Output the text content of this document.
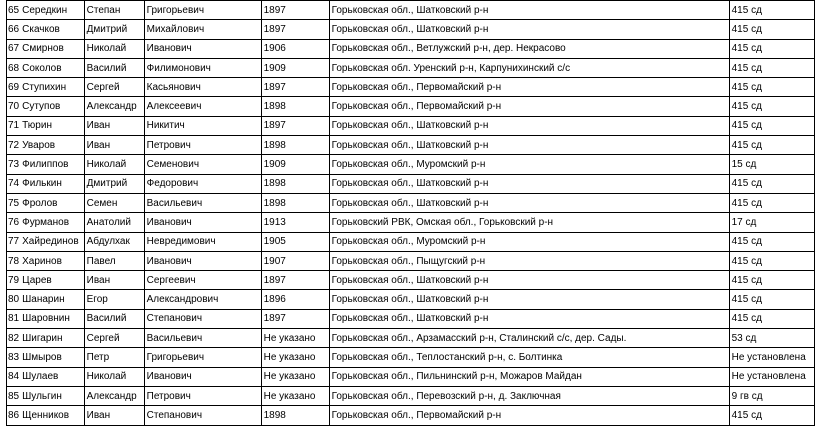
65	Середкин	Степан	Григорьевич	1897	Горьковская обл., Шатковский р-н	415 сд
66	Скачков	Дмитрий	Михайлович	1897	Горьковская обл., Шатковский р-н	415 сд
67	Смирнов	Николай	Иванович	1906	Горьковская обл., Ветлужский р-н, дер. Некрасово	415 сд
68	Соколов	Василий	Филимонович	1909	Горьковская обл. Уренский р-н, Карпунихинский с/с	415 сд
69	Ступихин	Сергей	Касьянович	1897	Горьковская обл., Первомайский р-н	415 сд
70	Сутупов	Александр	Алексеевич	1898	Горьковская обл., Первомайский р-н	415 сд
71	Тюрин	Иван	Никитич	1897	Горьковская обл., Шатковский р-н	415 сд
72	Уваров	Иван	Петрович	1898	Горьковская обл., Шатковский р-н	415 сд
73	Филиппов	Николай	Семенович	1909	Горьковская обл., Муромский р-н	15 сд
74	Филькин	Дмитрий	Федорович	1898	Горьковская обл., Шатковский р-н	415 сд
75	Фролов	Семен	Васильевич	1898	Горьковская обл., Шатковский р-н	415 сд
76	Фурманов	Анатолий	Иванович	1913	Горьковский РВК, Омская обл., Горьковский р-н	17 сд
77	Хайрединов	Абдулхак	Невредимович	1905	Горьковская обл., Муромский р-н	415 сд
78	Харинов	Павел	Иванович	1907	Горьковская обл., Пыщугский р-н	415 сд
79	Царев	Иван	Сергеевич	1897	Горьковская обл., Шатковский р-н	415 сд
80	Шанарин	Егор	Александрович	1896	Горьковская обл., Шатковский р-н	415 сд
81	Шаровнин	Василий	Степанович	1897	Горьковская обл., Шатковский р-н	415 сд
82	Шигарин	Сергей	Васильевич	Не указано	Горьковская обл., Арзамасский р-н, Сталинский с/с, дер. Сады.	53 сд
83	Шмыров	Петр	Григорьевич	Не указано	Горьковская обл., Теплостанский р-н, с. Болтинка	Не установлена
84	Шулаев	Николай	Иванович	Не указано	Горьковская обл., Пильнинский р-н, Можаров Майдан	Не установлена
85	Шульгин	Александр	Петрович	Не указано	Горьковская обл., Перевозский р-н, д. Заключная	9 гв сд
86	Щенников	Иван	Степанович	1898	Горьковская обл., Первомайский р-н	415 сд
